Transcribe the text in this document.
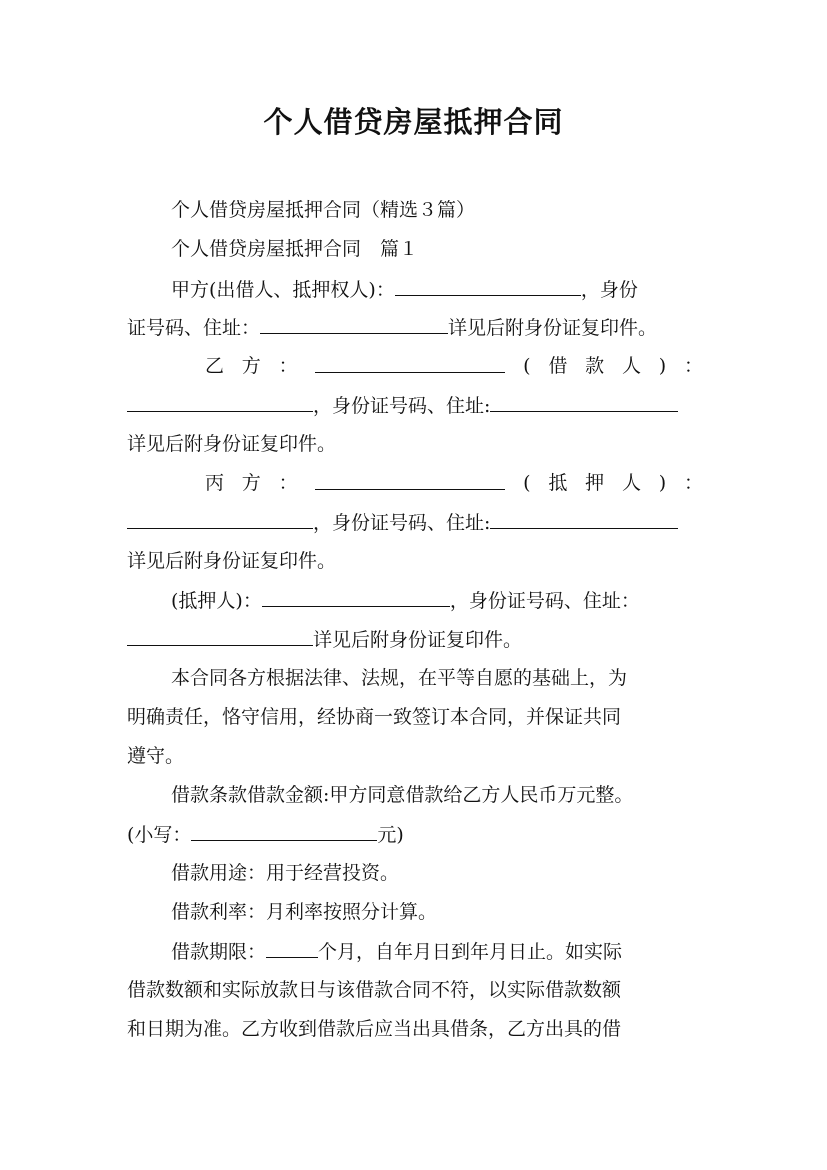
个人借贷房屋抵押合同
个人借贷房屋抵押合同（精选３篇）
个人借贷房屋抵押合同　篇１
甲方(出借人、抵押权人)：	，身份
证号码、住址：	详见后附身份证复印件。
乙 方 ：	( 借 款 人 ) ：
，身份证号码、住址:
详见后附身份证复印件。
丙 方 ：	( 抵 押 人 ) ：
，身份证号码、住址:
详见后附身份证复印件。
(抵押人)：	，身份证号码、住址：
详见后附身份证复印件。
本合同各方根据法律、法规，在平等自愿的基础上，为
明确责任，恪守信用，经协商一致签订本合同，并保证共同
遵守。
借款条款借款金额:甲方同意借款给乙方人民币万元整。
(小写：	元)
借款用途：用于经营投资。
借款利率：月利率按照分计算。
借款期限：	个月，自年月日到年月日止。如实际
借款数额和实际放款日与该借款合同不符，以实际借款数额
和日期为准。乙方收到借款后应当出具借条，乙方出具的借
